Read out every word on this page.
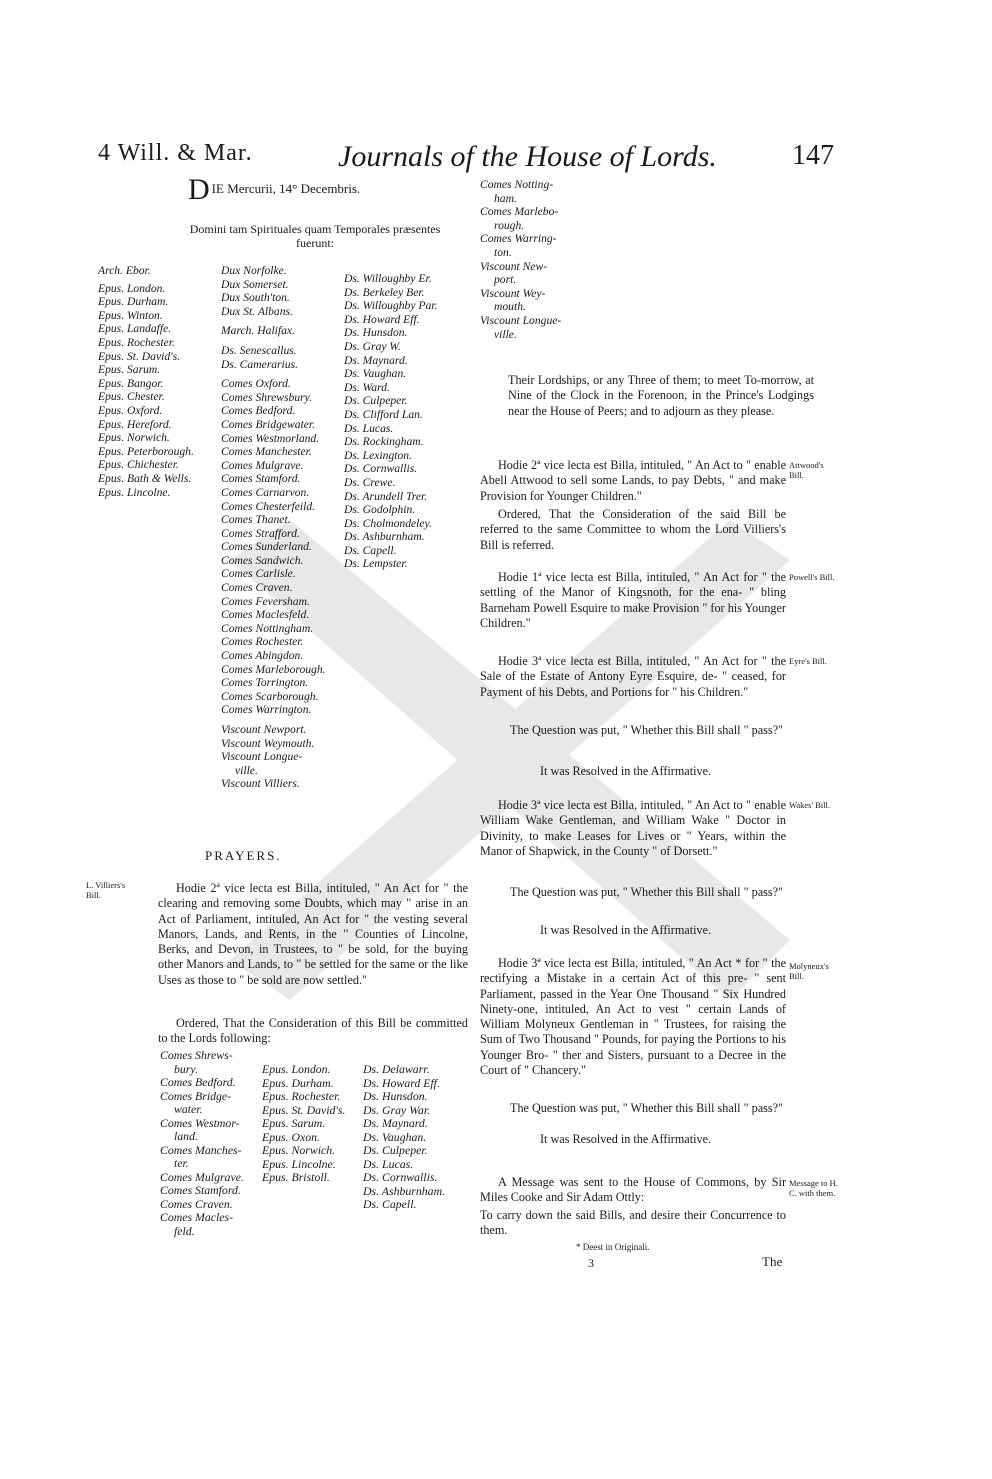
4 Will. & Mar.	Journals of the House of Lords.	147
D $_{IE Mercurii, 14^\circ Decembris.}$
Domini tam Spirituales quam Temporales præsentes
fuerunt:
Arch. Ebor.
Epus. London.
Epus. Durham.
Epus. Winton.
Epus. Landaffe.
Epus. Rochester.
Epus. St. David's.
Epus. Sarum.
Epus. Bangor.
Epus. Chester.
Epus. Oxford.
Epus. Hereford.
Epus. Norwich.
Epus. Peterborough.
Epus. Chichester.
Epus. Bath & Wells.
Epus. Lincolne.
Dux Norfolke.
Dux Somerset.
Dux South'ton.
Dux St. Albans.
March. Halifax.
Ds. Senescallus.
Ds. Camerarius.
Comes Oxford.
Comes Shrewsbury.
Comes Bedford.
Comes Bridgewater.
Comes Westmorland.
Comes Manchester.
Comes Mulgrave.
Comes Stamford.
Comes Carnarvon.
Comes Chesterfeild.
Comes Thanet.
Comes Strafford.
Comes Sunderland.
Comes Sandwich.
Comes Carlisle.
Comes Craven.
Comes Feversham.
Comes Maclesfeld.
Comes Nottingham.
Comes Rochester.
Comes Abingdon.
Comes Marleborough.
Comes Torrington.
Comes Scarborough.
Comes Warrington.
Viscount Newport.
Viscount Weymouth.
Viscount Longue-
ville.
Viscount Villiers.
Ds. Willoughby Er.
Ds. Berkeley Ber.
Ds. Willoughby Par.
Ds. Howard Eff.
Ds. Hunsdon.
Ds. Gray W.
Ds. Maynard.
Ds. Vaughan.
Ds. Ward.
Ds. Culpeper.
Ds. Clifford Lan.
Ds. Lucas.
Ds. Rockingham.
Ds. Lexington.
Ds. Cornwallis.
Ds. Crewe.
Ds. Arundell Trer.
Ds. Godolphin.
Ds. Cholmondeley.
Ds. Ashburnham.
Ds. Capell.
Ds. Lempster.
PRAYERS.
L. Villiers's Bill.	Hodie 2ª vice lecta est Billa, intituled, " An Act for " the clearing and removing some Doubts, which may " arise in an Act of Parliament, intituled, An Act for " the vesting several Manors, Lands, and Rents, in the " Counties of Lincolne, Berks, and Devon, in Trustees, to " be sold, for the buying other Manors and Lands, to " be settled for the same or the like Uses as those to " be sold are now settled."
Ordered, That the Consideration of this Bill be committed to the Lords following:
Comes Shrews-
bury.
Comes Bedford.
Comes Bridge-
water.
Comes Westmor-
land.
Comes Manches-
ter.
Comes Mulgrave.
Comes Stamford.
Comes Craven.
Comes Macles-
feld.
Epus. London.
Epus. Durham.
Epus. Rochester.
Epus. St. David's.
Epus. Sarum.
Epus. Oxon.
Epus. Norwich.
Epus. Lincolne.
Epus. Bristoll.
Ds. Delawarr.
Ds. Howard Eff.
Ds. Hunsdon.
Ds. Gray War.
Ds. Maynard.
Ds. Vaughan.
Ds. Culpeper.
Ds. Lucas.
Ds. Cornwallis.
Ds. Ashburnham.
Ds. Capell.
Comes Notting-
ham.
Comes Marlebo-
rough.
Comes Warring-
ton.
Viscount New-
port.
Viscount Wey-
mouth.
Viscount Longue-
ville.
Their Lordships, or any Three of them; to meet To-morrow, at Nine of the Clock in the Forenoon, in the Prince's Lodgings near the House of Peers; and to adjourn as they please.
Attwood's Bill.
Hodie 2ª vice lecta est Billa, intituled, " An Act to " enable Abell Attwood to sell some Lands, to pay Debts, " and make Provision for Younger Children."
Ordered, That the Consideration of the said Bill be referred to the same Committee to whom the Lord Villiers's Bill is referred.
Powell's Bill.
Hodie 1ª vice lecta est Billa, intituled, " An Act for " the settling of the Manor of Kingsnoth, for the ena- " bling Barneham Powell Esquire to make Provision " for his Younger Children."
Eyre's Bill.
Hodie 3ª vice lecta est Billa, intituled, " An Act for " the Sale of the Estate of Antony Eyre Esquire, de- " ceased, for Payment of his Debts, and Portions for " his Children."
The Question was put, " Whether this Bill shall " pass?"
It was Resolved in the Affirmative.
Wakes' Bill.
Hodie 3ª vice lecta est Billa, intituled, " An Act to " enable William Wake Gentleman, and William Wake " Doctor in Divinity, to make Leases for Lives or " Years, within the Manor of Shapwick, in the County " of Dorsett."
The Question was put, " Whether this Bill shall " pass?"
It was Resolved in the Affirmative.
Molyneux's Bill.
Hodie 3ª vice lecta est Billa, intituled, " An Act * for " the rectifying a Mistake in a certain Act of this pre- " sent Parliament, passed in the Year One Thousand " Six Hundred Ninety-one, intituled, An Act to vest " certain Lands of William Molyneux Gentleman in " Trustees, for raising the Sum of Two Thousand " Pounds, for paying the Portions to his Younger Bro- " ther and Sisters, pursuant to a Decree in the Court of " Chancery."
The Question was put, " Whether this Bill shall " pass?"
It was Resolved in the Affirmative.
Message to H. C. with them.
A Message was sent to the House of Commons, by Sir Miles Cooke and Sir Adam Ottly:
To carry down the said Bills, and desire their Concurrence to them.
* Deest in Originali.
3	The
